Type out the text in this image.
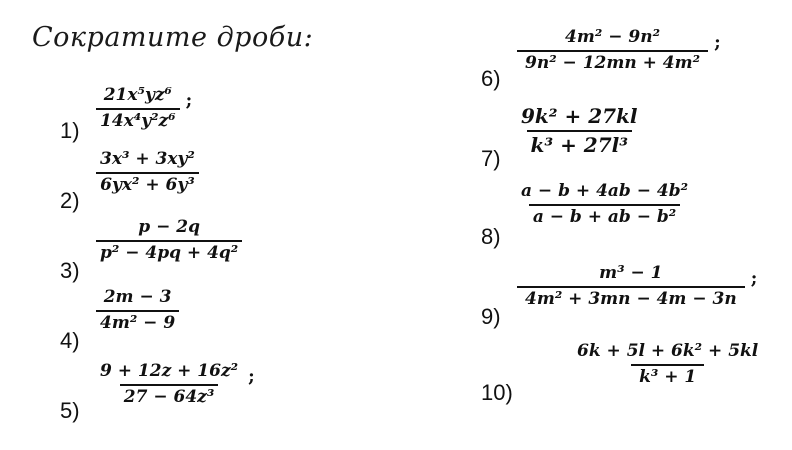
Сократите дроби:
$1) \frac{\text{21x⁵yz⁶}}{\text{14x⁴y²z⁶}}$ ;
2)
$\frac{\text{3x³ + 3xy²}}{\text{6yx² + 6y³}}$
3)
$\frac{p - 2q}{\text{p² − 4pq + 4q²}}$
4)
$\frac{2m - 3}{\text{4m² − 9}}$
5)
$\frac{\text{9 + 12z + 16z²}}{\text{27 − 64z³}}$ ;
6)
$\frac{\text{4m² − 9n²}}{\text{9n² − 12mn + 4m²}}$ ;
7)
$\frac{\text{9k² + 27kl}}{\text{k³ + 27l³}}$
8)
$\frac{\text{a − b + 4ab − 4b²}}{\text{a − b + ab − b²}}$
9)
$\frac{\text{m³ − 1}}{\text{4m² + 3mn − 4m − 3n}}$ ;
10)
$\frac{\text{6k + 5l + 6k² + 5kl}}{\text{k³ + 1}}$
